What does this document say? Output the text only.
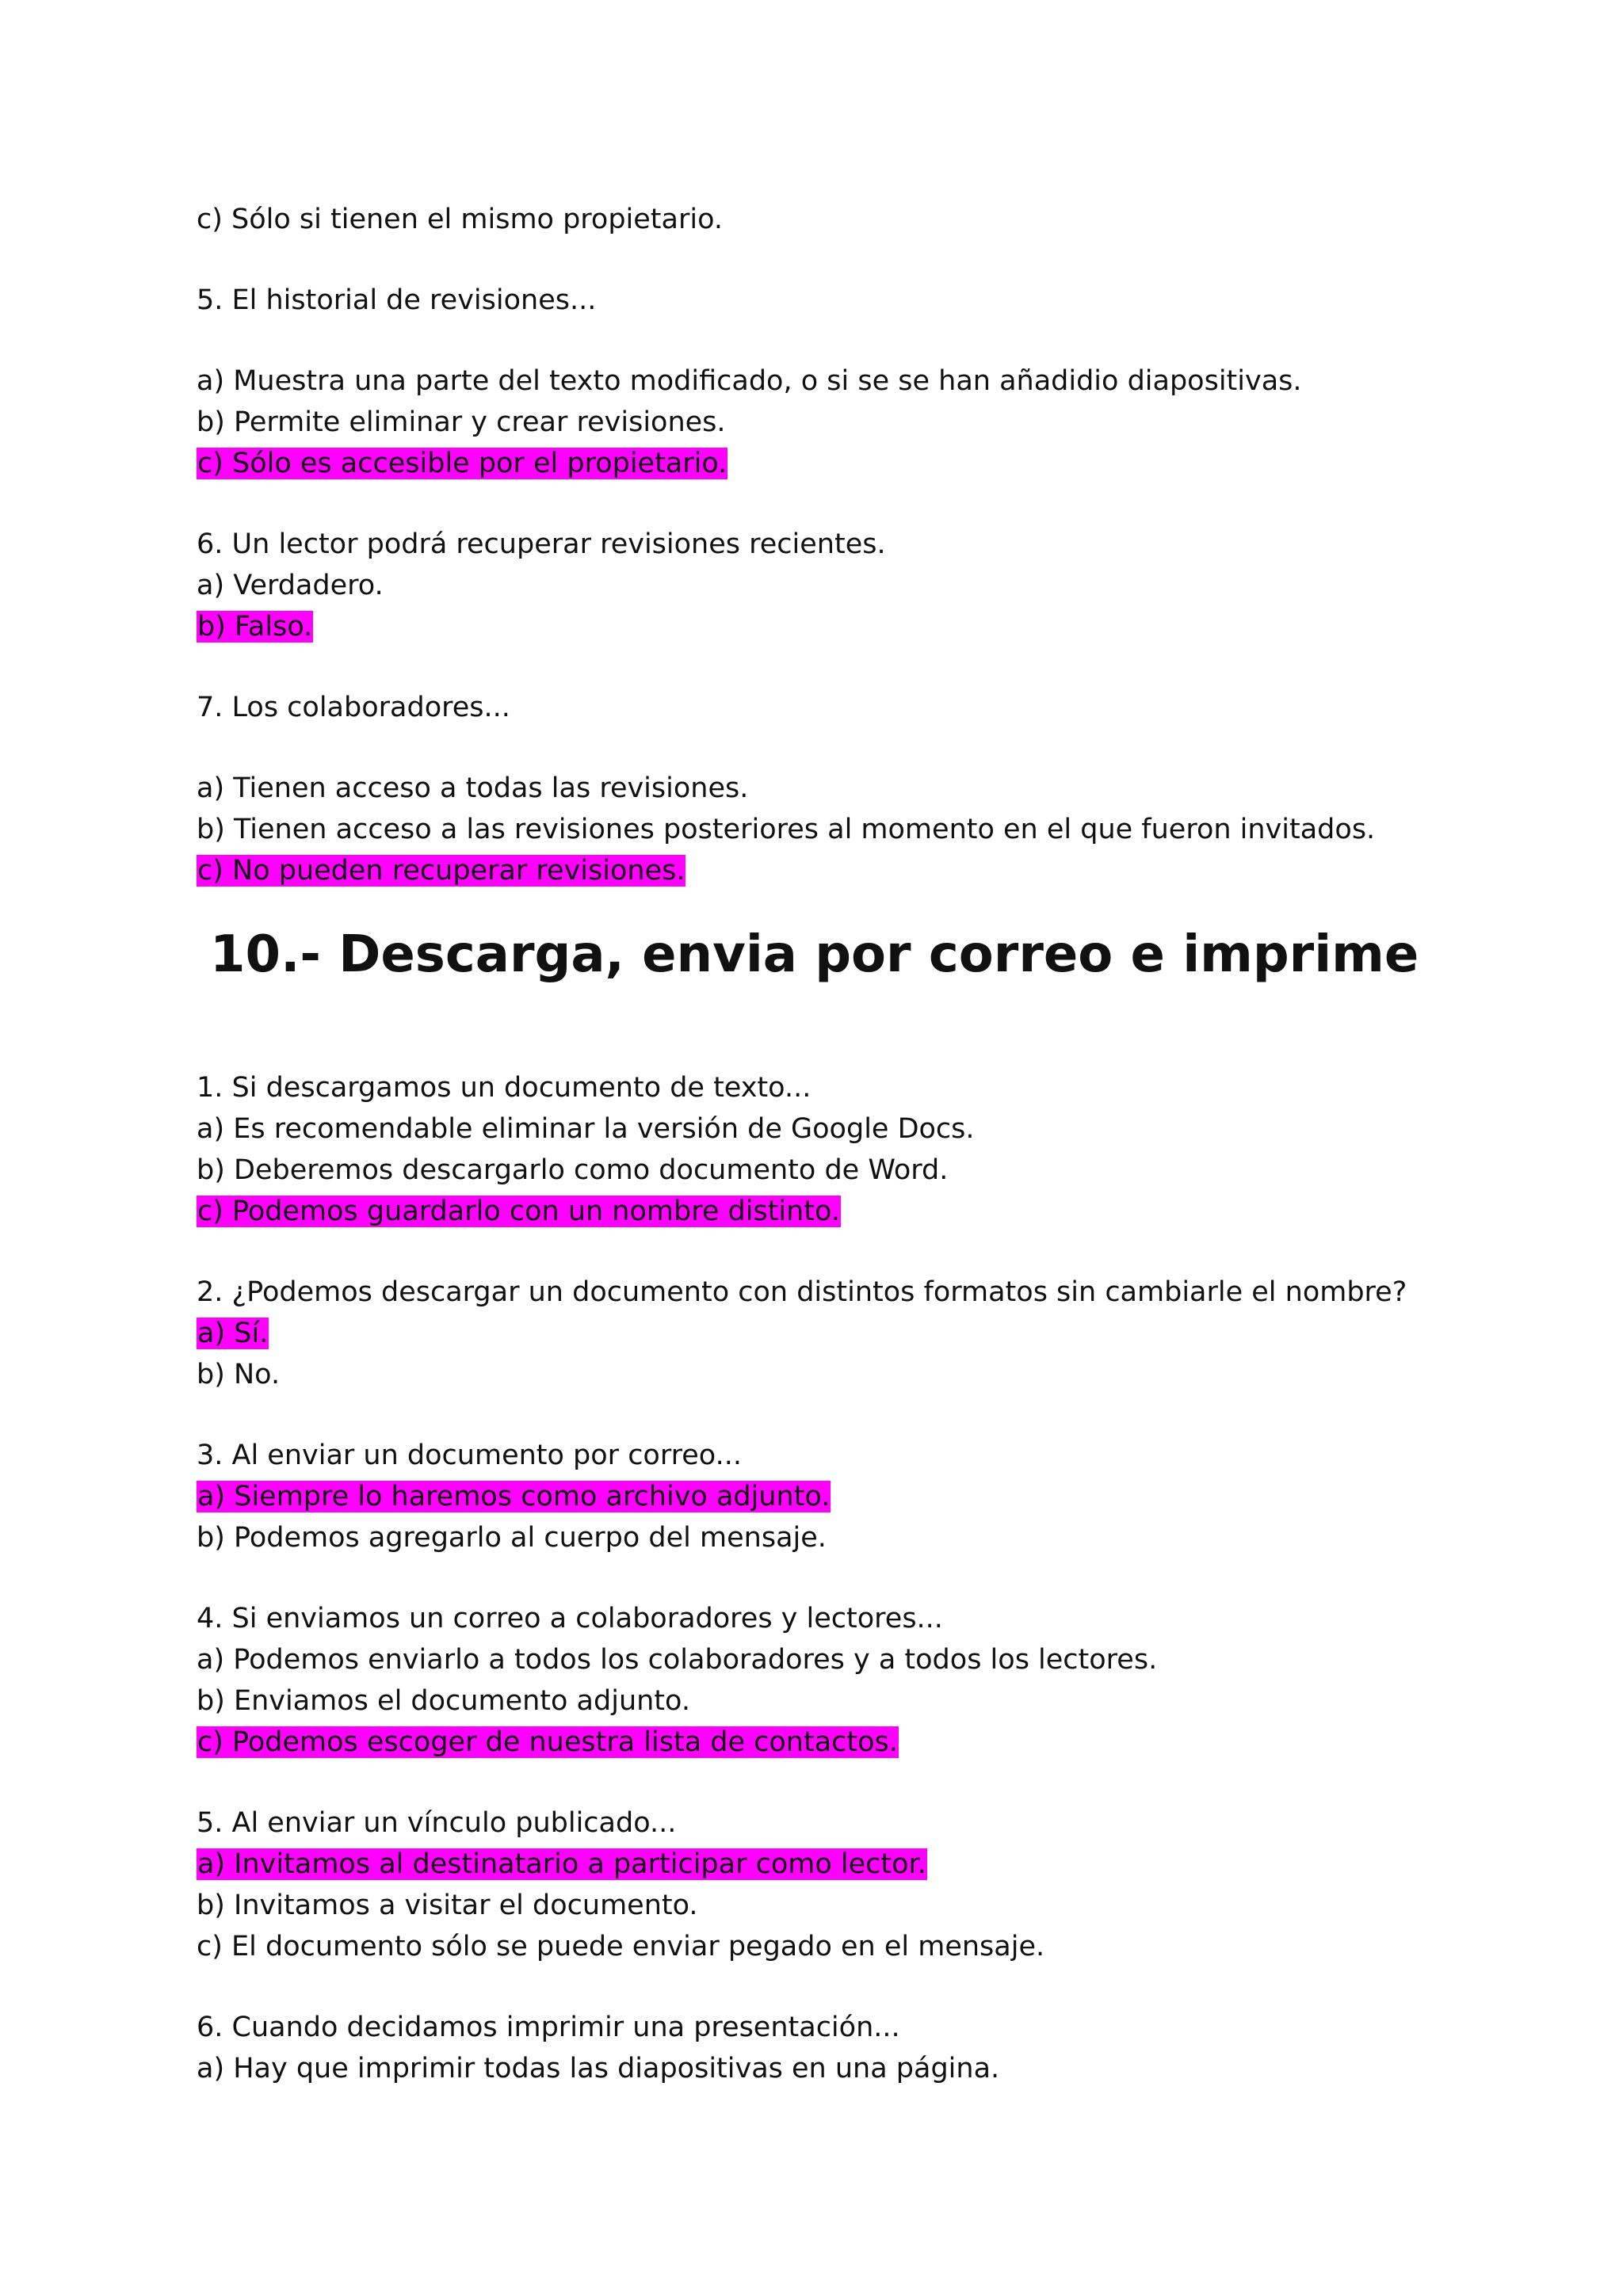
c) Sólo si tienen el mismo propietario.
5. El historial de revisiones...
a) Muestra una parte del texto modificado, o si se se han añadidio diapositivas.
b) Permite eliminar y crear revisiones.
c) Sólo es accesible por el propietario.
6. Un lector podrá recuperar revisiones recientes.
a) Verdadero.
b) Falso.
7. Los colaboradores...
a) Tienen acceso a todas las revisiones.
b) Tienen acceso a las revisiones posteriores al momento en el que fueron invitados.
c) No pueden recuperar revisiones.
10.- Descarga, envia por correo e imprime
1. Si descargamos un documento de texto...
a) Es recomendable eliminar la versión de Google Docs.
b) Deberemos descargarlo como documento de Word.
c) Podemos guardarlo con un nombre distinto.
2. ¿Podemos descargar un documento con distintos formatos sin cambiarle el nombre?
a) Sí.
b) No.
3. Al enviar un documento por correo...
a) Siempre lo haremos como archivo adjunto.
b) Podemos agregarlo al cuerpo del mensaje.
4. Si enviamos un correo a colaboradores y lectores...
a) Podemos enviarlo a todos los colaboradores y a todos los lectores.
b) Enviamos el documento adjunto.
c) Podemos escoger de nuestra lista de contactos.
5. Al enviar un vínculo publicado...
a) Invitamos al destinatario a participar como lector.
b) Invitamos a visitar el documento.
c) El documento sólo se puede enviar pegado en el mensaje.
6. Cuando decidamos imprimir una presentación...
a) Hay que imprimir todas las diapositivas en una página.
